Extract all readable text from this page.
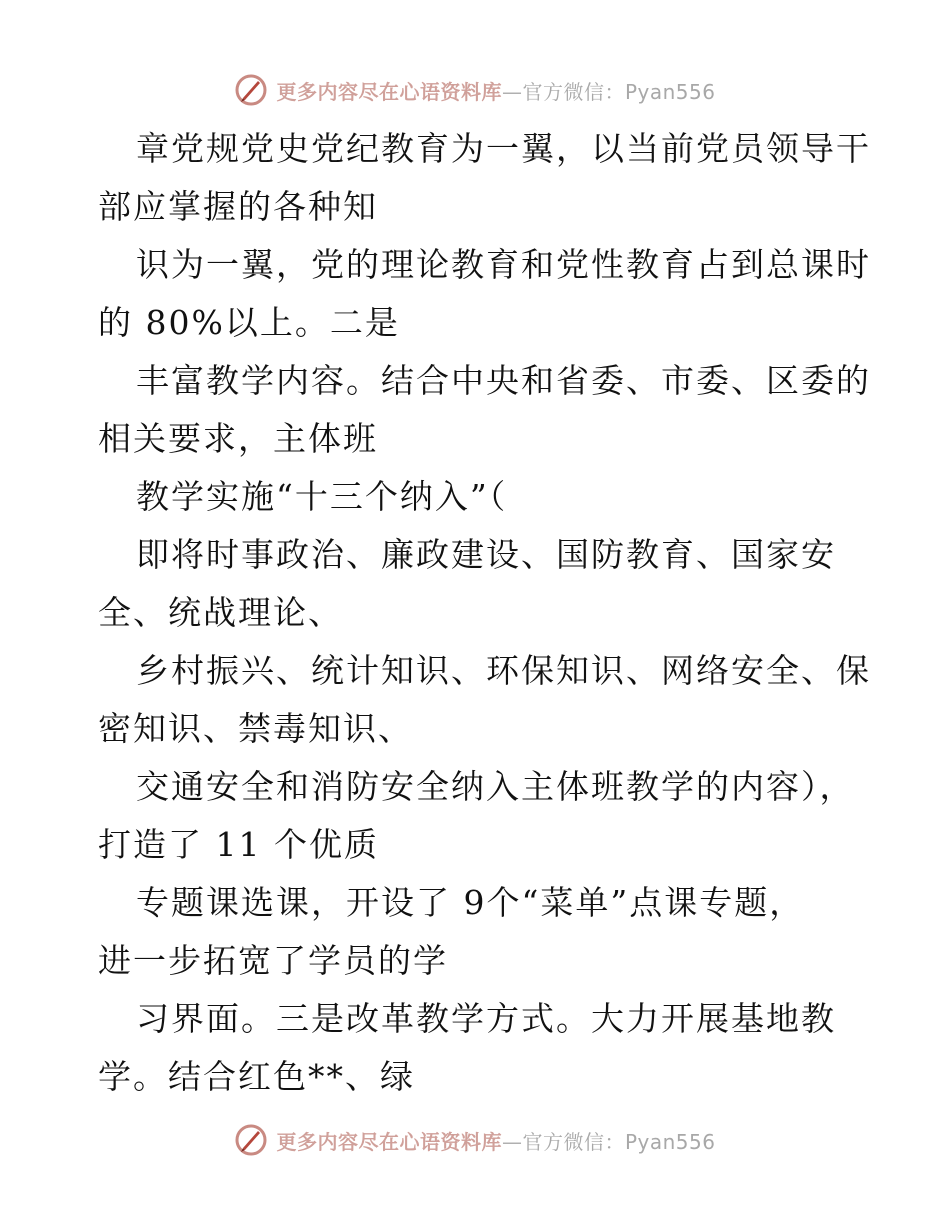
更多内容尽在心语资料库—官方微信：Pyan556
章党规党史党纪教育为一翼，以当前党员领导干
部应掌握的各种知
识为一翼，党的理论教育和党性教育占到总课时
的 80%以上。二是
丰富教学内容。结合中央和省委、市委、区委的
相关要求，主体班
教学实施“十三个纳入”（
即将时事政治、廉政建设、国防教育、国家安
全、统战理论、
乡村振兴、统计知识、环保知识、网络安全、保
密知识、禁毒知识、
交通安全和消防安全纳入主体班教学的内容），
打造了 11 个优质
专题课选课，开设了 9个“菜单”点课专题，
进一步拓宽了学员的学
习界面。三是改革教学方式。大力开展基地教
学。结合红色**、绿
更多内容尽在心语资料库—官方微信：Pyan556
